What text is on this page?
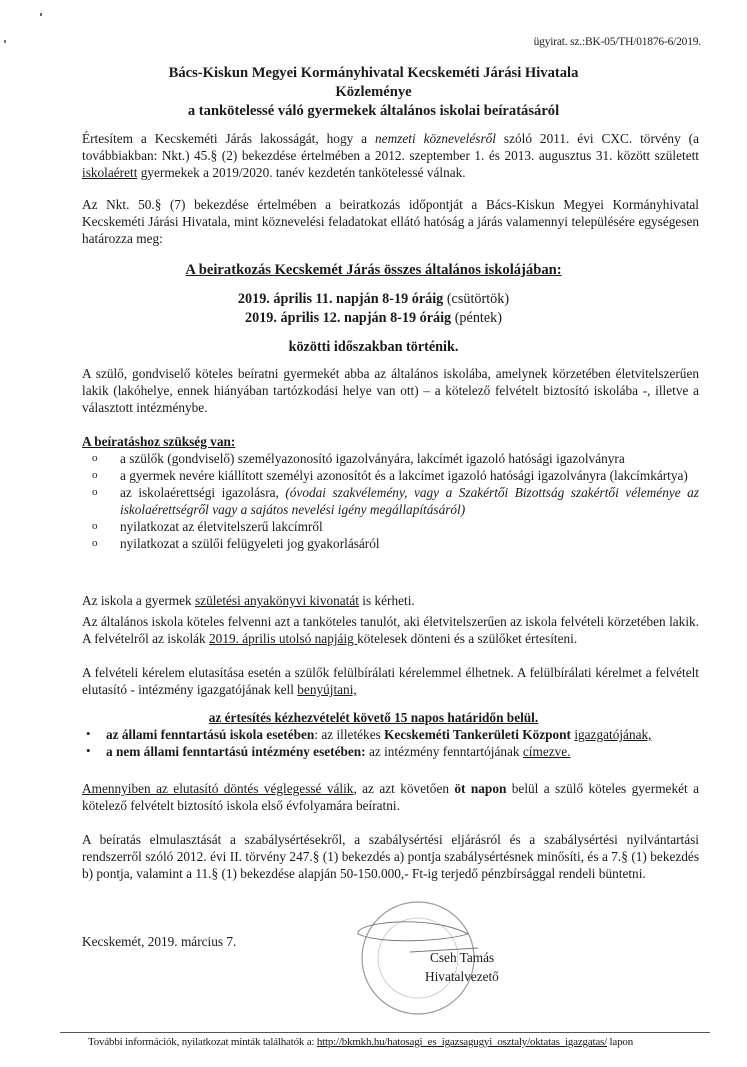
ügyirat. sz.:BK-05/TH/01876-6/2019.
Bács-Kiskun Megyei Kormányhivatal Kecskeméti Járási Hivatala
Közleménye
a tankötelessé váló gyermekek általános iskolai beíratásáról
Értesítem a Kecskeméti Járás lakosságát, hogy a nemzeti köznevelésről szóló 2011. évi CXC. törvény (a továbbiakban: Nkt.) 45.§ (2) bekezdése értelmében a 2012. szeptember 1. és 2013. augusztus 31. között született iskolaérett gyermekek a 2019/2020. tanév kezdetén tankötelessé válnak.
Az Nkt. 50.§ (7) bekezdése értelmében a beiratkozás időpontját a Bács-Kiskun Megyei Kormányhivatal Kecskeméti Járási Hivatala, mint köznevelési feladatokat ellátó hatóság a járás valamennyi településére egységesen határozza meg:
A beiratkozás Kecskemét Járás összes általános iskolájában:
2019. április 11. napján 8-19 óráig (csütörtök)
2019. április 12. napján 8-19 óráig (péntek)
közötti időszakban történik.
A szülő, gondviselő köteles beíratni gyermekét abba az általános iskolába, amelynek körzetében életvitelszerűen lakik (lakóhelye, ennek hiányában tartózkodási helye van ott) – a kötelező felvételt biztosító iskolába -, illetve a választott intézménybe.
A beíratáshoz szükség van:
o a szülők (gondviselő) személyazonosító igazolványára, lakcímét igazoló hatósági igazolványra
o a gyermek nevére kiállított személyi azonosítót és a lakcímet igazoló hatósági igazolványra (lakcímkártya)
o az iskolaérettségi igazolásra, (óvodai szakvélemény, vagy a Szakértői Bizottság szakértői véleménye az iskolaérettségről vagy a sajátos nevelési igény megállapításáról)
o nyilatkozat az életvitelszerű lakcímről
o nyilatkozat a szülői felügyeleti jog gyakorlásáról
Az iskola a gyermek születési anyakönyvi kivonatát is kérheti.
Az általános iskola köteles felvenni azt a tanköteles tanulót, aki életvitelszerűen az iskola felvételi körzetében lakik. A felvételről az iskolák 2019. április utolsó napjáig kötelesek dönteni és a szülőket értesíteni.
A felvételi kérelem elutasítása esetén a szülők felülbírálati kérelemmel élhetnek. A felülbírálati kérelmet a felvételt elutasító - intézmény igazgatójának kell benyújtani,
az értesítés kézhezvételét követő 15 napos határidőn belül.
• az állami fenntartású iskola esetében: az illetékes Kecskeméti Tankerületi Központ igazgatójának,
• a nem állami fenntartású intézmény esetében: az intézmény fenntartójának címezve.
Amennyiben az elutasító döntés véglegessé válik, az azt követően öt napon belül a szülő köteles gyermekét a kötelező felvételt biztosító iskola első évfolyamára beíratni.
A beíratás elmulasztását a szabálysértésekről, a szabálysértési eljárásról és a szabálysértési nyilvántartási rendszerről szóló 2012. évi II. törvény 247.§ (1) bekezdés a) pontja szabálysértésnek minősíti, és a 7.§ (1) bekezdés b) pontja, valamint a 11.§ (1) bekezdése alapján 50-150.000,- Ft-ig terjedő pénzbírsággal rendeli büntetni.
Kecskemét, 2019. március 7.
Cseh Tamás
Hivatalvezető
További információk, nyilatkozat minták találhatók a: http://bkmkh.hu/hatosagi_es_igazsagugyi_osztaly/oktatas_igazgatas/ lapon
